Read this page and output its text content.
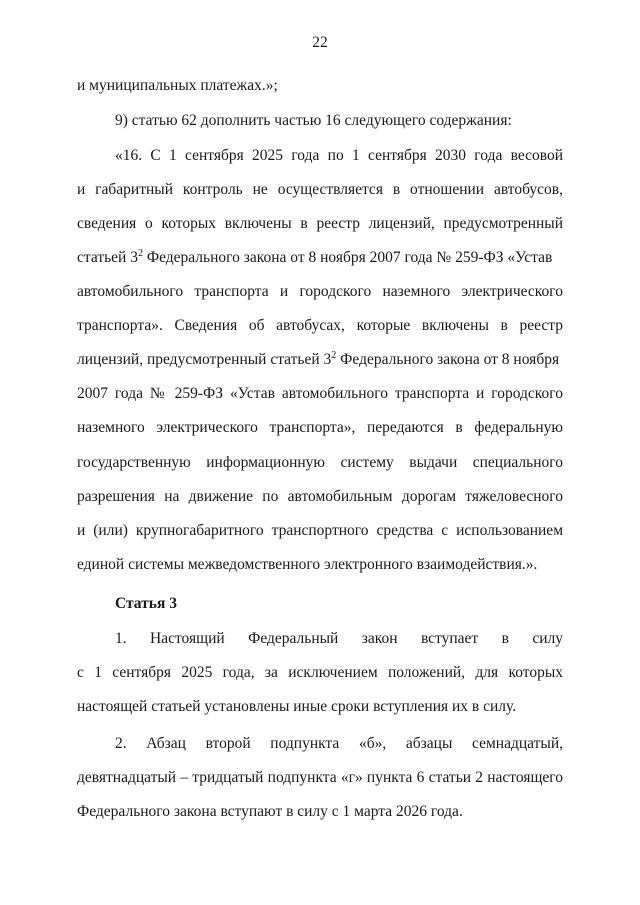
22
и муниципальных платежах.»;
9) статью 62 дополнить частью 16 следующего содержания:
«16. С 1 сентября 2025 года по 1 сентября 2030 года весовой
и габаритный контроль не осуществляется в отношении автобусов,
сведения о которых включены в реестр лицензий, предусмотренный
статьей $3^2$ Федерального закона от 8 ноября 2007 года № 259-ФЗ «Устав
автомобильного транспорта и городского наземного электрического
транспорта». Сведения об автобусах, которые включены в реестр
лицензий, предусмотренный статьей $3^2$ Федерального закона от 8 ноября
2007 года № 259-ФЗ «Устав автомобильного транспорта и городского
наземного электрического транспорта», передаются в федеральную
государственную информационную систему выдачи специального
разрешения на движение по автомобильным дорогам тяжеловесного
и (или) крупногабаритного транспортного средства с использованием
единой системы межведомственного электронного взаимодействия.».
Статья 3
1. Настоящий Федеральный закон вступает в силу
с 1 сентября 2025 года, за исключением положений, для которых
настоящей статьей установлены иные сроки вступления их в силу.
2. Абзац второй подпункта «б», абзацы семнадцатый,
девятнадцатый – тридцатый подпункта «г» пункта 6 статьи 2 настоящего
Федерального закона вступают в силу с 1 марта 2026 года.
